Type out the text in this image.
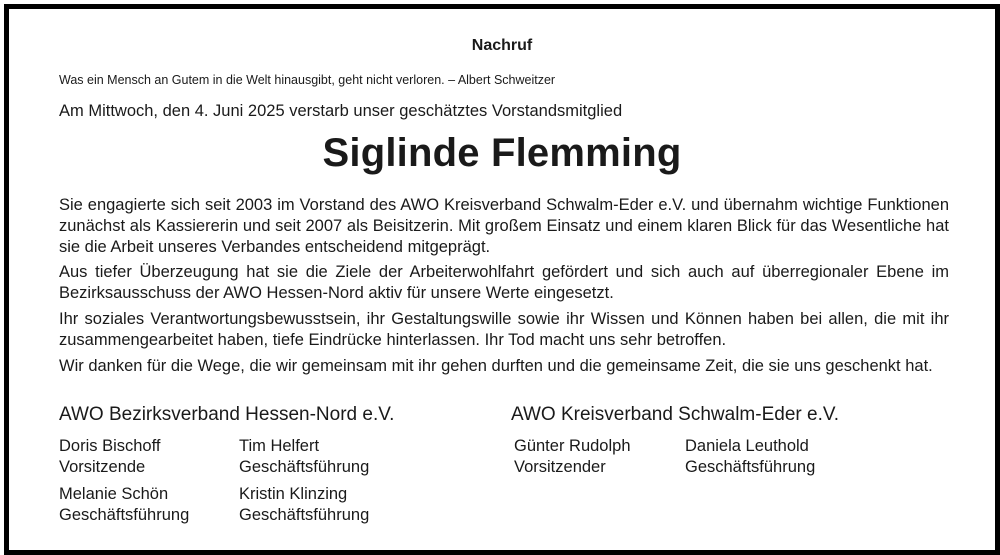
Nachruf
Was ein Mensch an Gutem in die Welt hinausgibt, geht nicht verloren. – Albert Schweitzer
Am Mittwoch, den 4. Juni 2025 verstarb unser geschätztes Vorstandsmitglied
Siglinde Flemming
Sie engagierte sich seit 2003 im Vorstand des AWO Kreisverband Schwalm-Eder e.V. und übernahm wichtige Funktionen zunächst als Kassiererin und seit 2007 als Beisitzerin. Mit großem Einsatz und einem klaren Blick für das Wesentliche hat sie die Arbeit unseres Verbandes entscheidend mitgeprägt.
Aus tiefer Überzeugung hat sie die Ziele der Arbeiterwohlfahrt gefördert und sich auch auf überregionaler Ebene im Bezirksausschuss der AWO Hessen-Nord aktiv für unsere Werte eingesetzt.
Ihr soziales Verantwortungsbewusstsein, ihr Gestaltungswille sowie ihr Wissen und Können haben bei allen, die mit ihr zusammengearbeitet haben, tiefe Eindrücke hinterlassen. Ihr Tod macht uns sehr betroffen.
Wir danken für die Wege, die wir gemeinsam mit ihr gehen durften und die gemeinsame Zeit, die sie uns geschenkt hat.
AWO Bezirksverband Hessen-Nord e.V.	AWO Kreisverband Schwalm-Eder e.V.
Doris Bischoff
Vorsitzende
Tim Helfert
Geschäftsführung
Melanie Schön
Geschäftsführung
Kristin Klinzing
Geschäftsführung
Günter Rudolph
Vorsitzender
Daniela Leuthold
Geschäftsführung
